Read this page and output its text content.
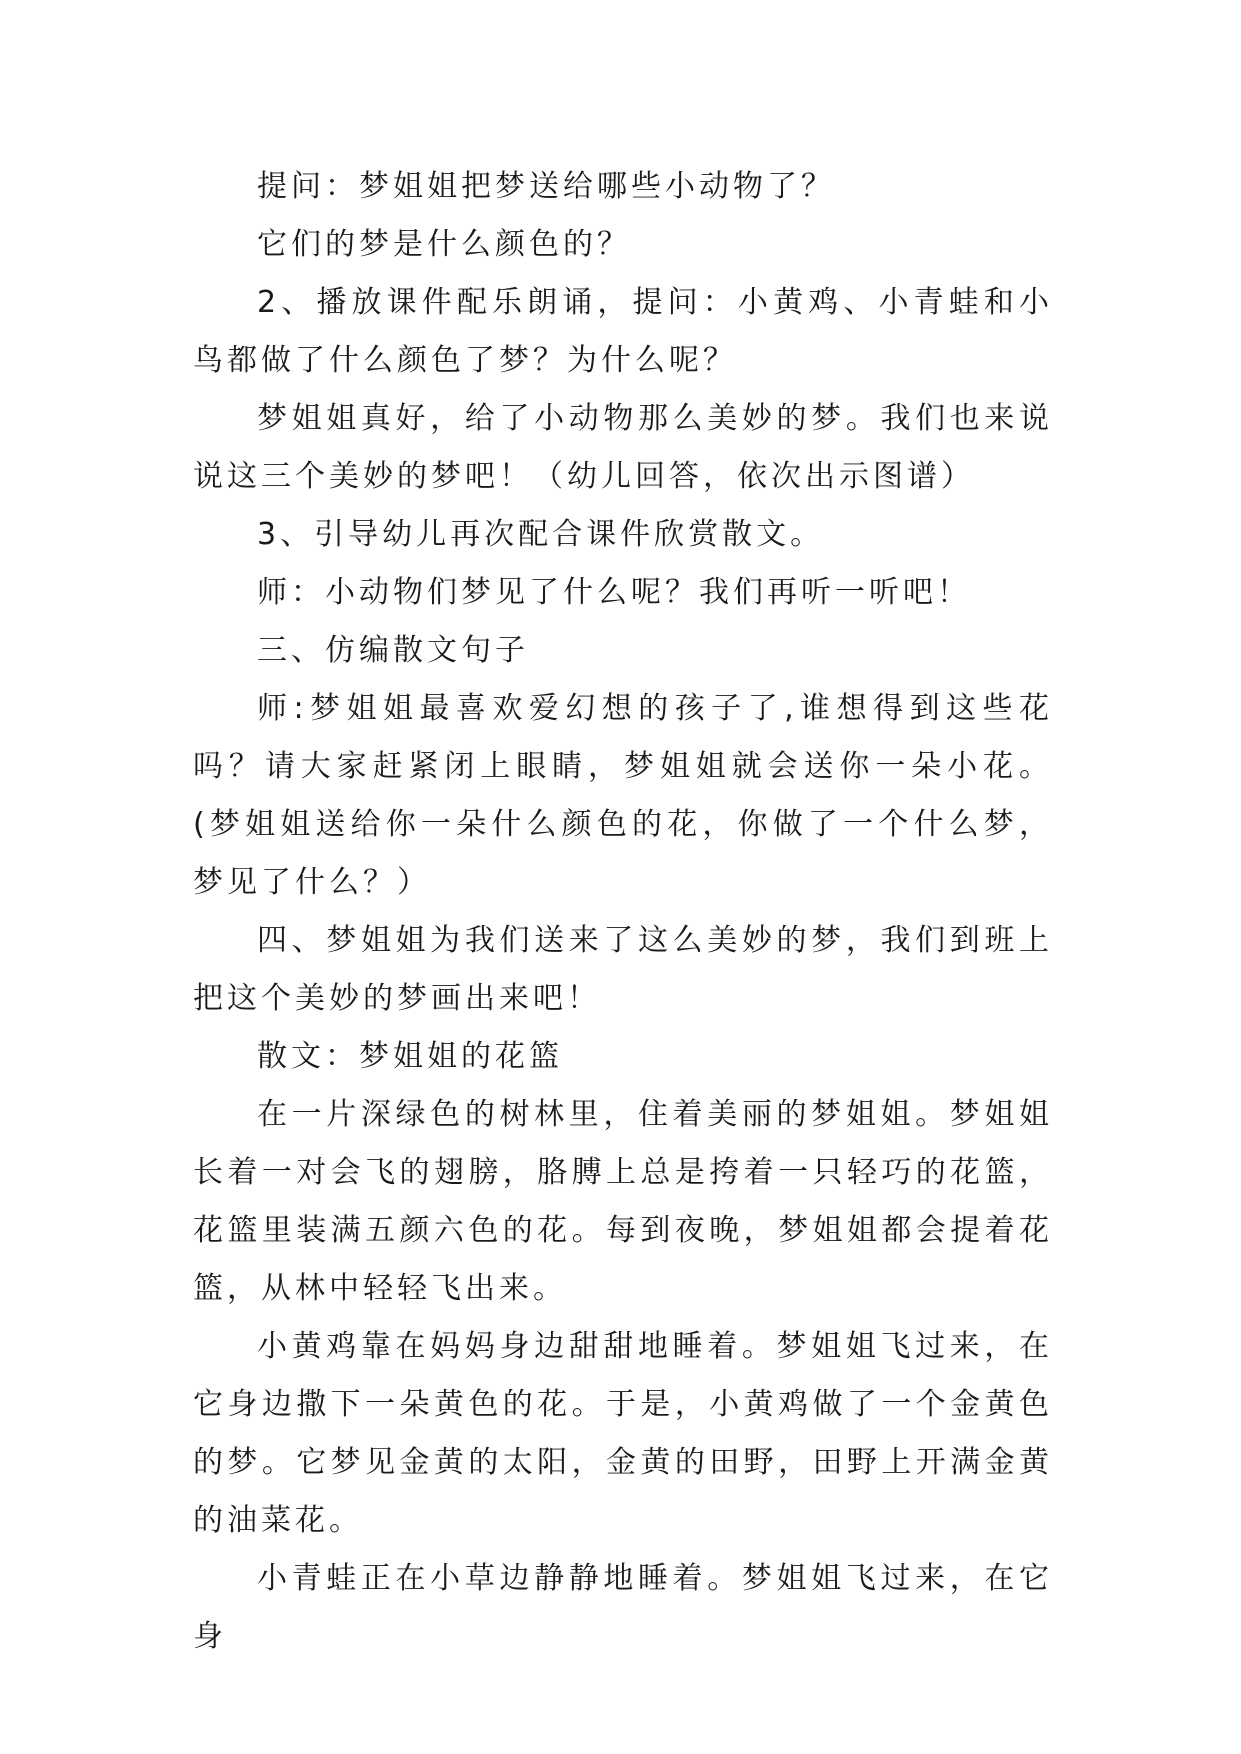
提问：梦姐姐把梦送给哪些小动物了？

它们的梦是什么颜色的？

2、播放课件配乐朗诵，提问：小黄鸡、小青蛙和小鸟都做了什么颜色了梦？为什么呢？

梦姐姐真好，给了小动物那么美妙的梦。我们也来说说这三个美妙的梦吧！（幼儿回答，依次出示图谱）

3、引导幼儿再次配合课件欣赏散文。

师：小动物们梦见了什么呢？我们再听一听吧！

三、仿编散文句子

师:梦姐姐最喜欢爱幻想的孩子了,谁想得到这些花吗？请大家赶紧闭上眼睛，梦姐姐就会送你一朵小花。(梦姐姐送给你一朵什么颜色的花，你做了一个什么梦，梦见了什么？）

四、梦姐姐为我们送来了这么美妙的梦，我们到班上把这个美妙的梦画出来吧！

散文：梦姐姐的花篮

在一片深绿色的树林里，住着美丽的梦姐姐。梦姐姐长着一对会飞的翅膀，胳膊上总是挎着一只轻巧的花篮，花篮里装满五颜六色的花。每到夜晚，梦姐姐都会提着花篮，从林中轻轻飞出来。

小黄鸡靠在妈妈身边甜甜地睡着。梦姐姐飞过来，在它身边撒下一朵黄色的花。于是，小黄鸡做了一个金黄色的梦。它梦见金黄的太阳，金黄的田野，田野上开满金黄的油菜花。

小青蛙正在小草边静静地睡着。梦姐姐飞过来，在它身
